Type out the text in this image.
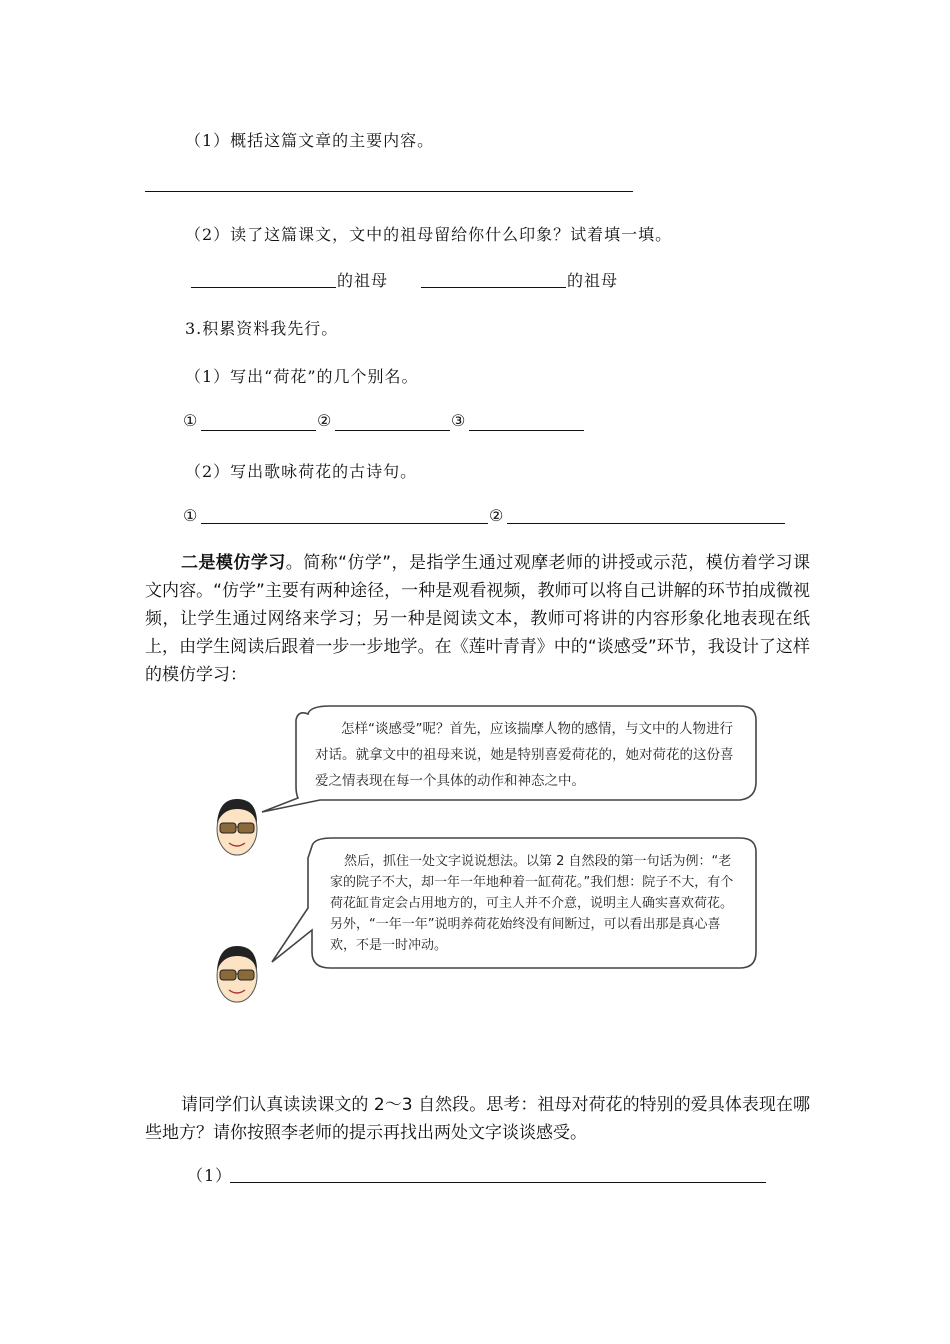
（1）概括这篇文章的主要内容。
（2）读了这篇课文，文中的祖母留给你什么印象？试着填一填。
的祖母	的祖母
3.积累资料我先行。
（1）写出“荷花”的几个别名。
①	②	③
（2）写出歌咏荷花的古诗句。
①	②
二是模仿学习。简称“仿学”，是指学生通过观摩老师的讲授或示范，模仿着学习课文内容。“仿学”主要有两种途径，一种是观看视频，教师可以将自己讲解的环节拍成微视频，让学生通过网络来学习；另一种是阅读文本，教师可将讲的内容形象化地表现在纸上，由学生阅读后跟着一步一步地学。在《莲叶青青》中的“谈感受”环节，我设计了这样的模仿学习：
怎样“谈感受”呢？首先，应该揣摩人物的感情，与文中的人物进行对话。就拿文中的祖母来说，她是特别喜爱荷花的，她对荷花的这份喜爱之情表现在每一个具体的动作和神态之中。
然后，抓住一处文字说说想法。以第 2 自然段的第一句话为例：“老家的院子不大，却一年一年地种着一缸荷花。”我们想：院子不大，有个荷花缸肯定会占用地方的，可主人并不介意，说明主人确实喜欢荷花。另外，“一年一年”说明养荷花始终没有间断过，可以看出那是真心喜欢，不是一时冲动。
请同学们认真读读课文的 2～3 自然段。思考：祖母对荷花的特别的爱具体表现在哪些地方？请你按照李老师的提示再找出两处文字谈谈感受。
（1）
